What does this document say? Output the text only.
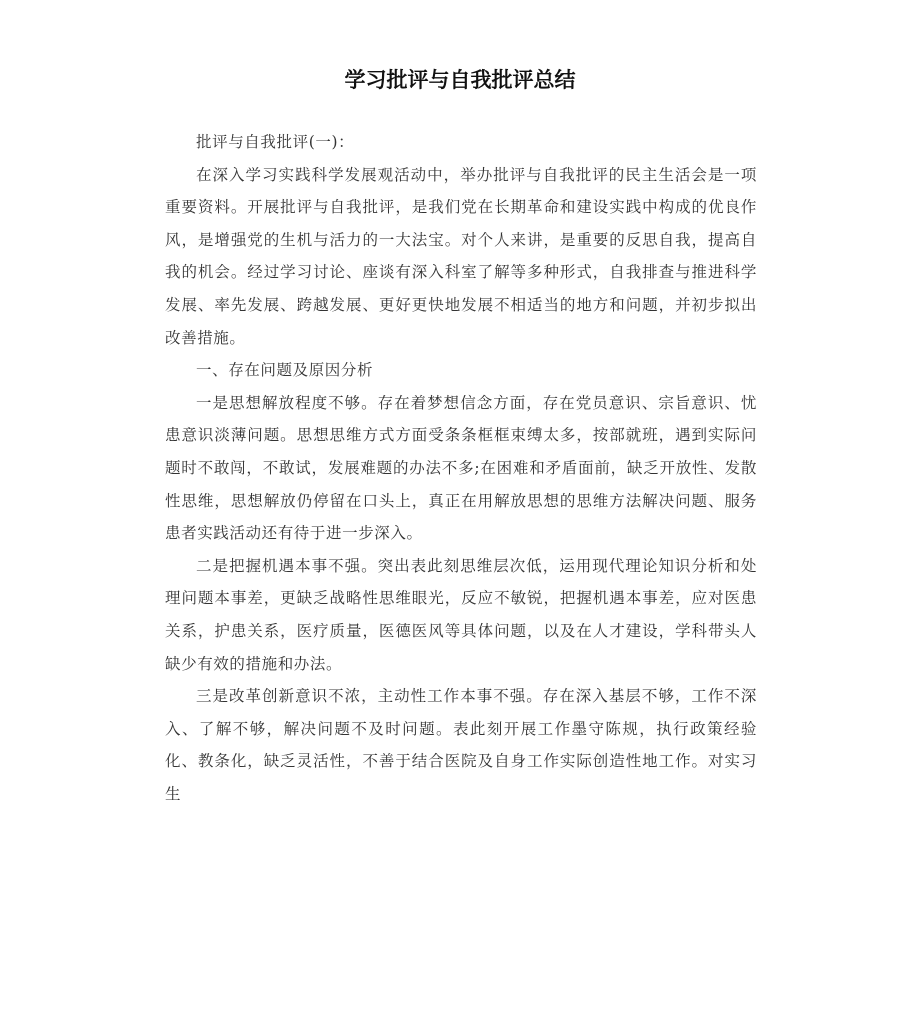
学习批评与自我批评总结

批评与自我批评(一)：

在深入学习实践科学发展观活动中，举办批评与自我批评的民主生活会是一项重要资料。开展批评与自我批评，是我们党在长期革命和建设实践中构成的优良作风，是增强党的生机与活力的一大法宝。对个人来讲，是重要的反思自我，提高自我的机会。经过学习讨论、座谈有深入科室了解等多种形式，自我排查与推进科学发展、率先发展、跨越发展、更好更快地发展不相适当的地方和问题，并初步拟出改善措施。

一、存在问题及原因分析

一是思想解放程度不够。存在着梦想信念方面，存在党员意识、宗旨意识、忧患意识淡薄问题。思想思维方式方面受条条框框束缚太多，按部就班，遇到实际问题时不敢闯，不敢试，发展难题的办法不多;在困难和矛盾面前，缺乏开放性、发散性思维，思想解放仍停留在口头上，真正在用解放思想的思维方法解决问题、服务患者实践活动还有待于进一步深入。

二是把握机遇本事不强。突出表此刻思维层次低，运用现代理论知识分析和处理问题本事差，更缺乏战略性思维眼光，反应不敏锐，把握机遇本事差，应对医患关系，护患关系，医疗质量，医德医风等具体问题，以及在人才建设，学科带头人缺少有效的措施和办法。

三是改革创新意识不浓，主动性工作本事不强。存在深入基层不够，工作不深入、了解不够，解决问题不及时问题。表此刻开展工作墨守陈规，执行政策经验化、教条化，缺乏灵活性，不善于结合医院及自身工作实际创造性地工作。对实习生
